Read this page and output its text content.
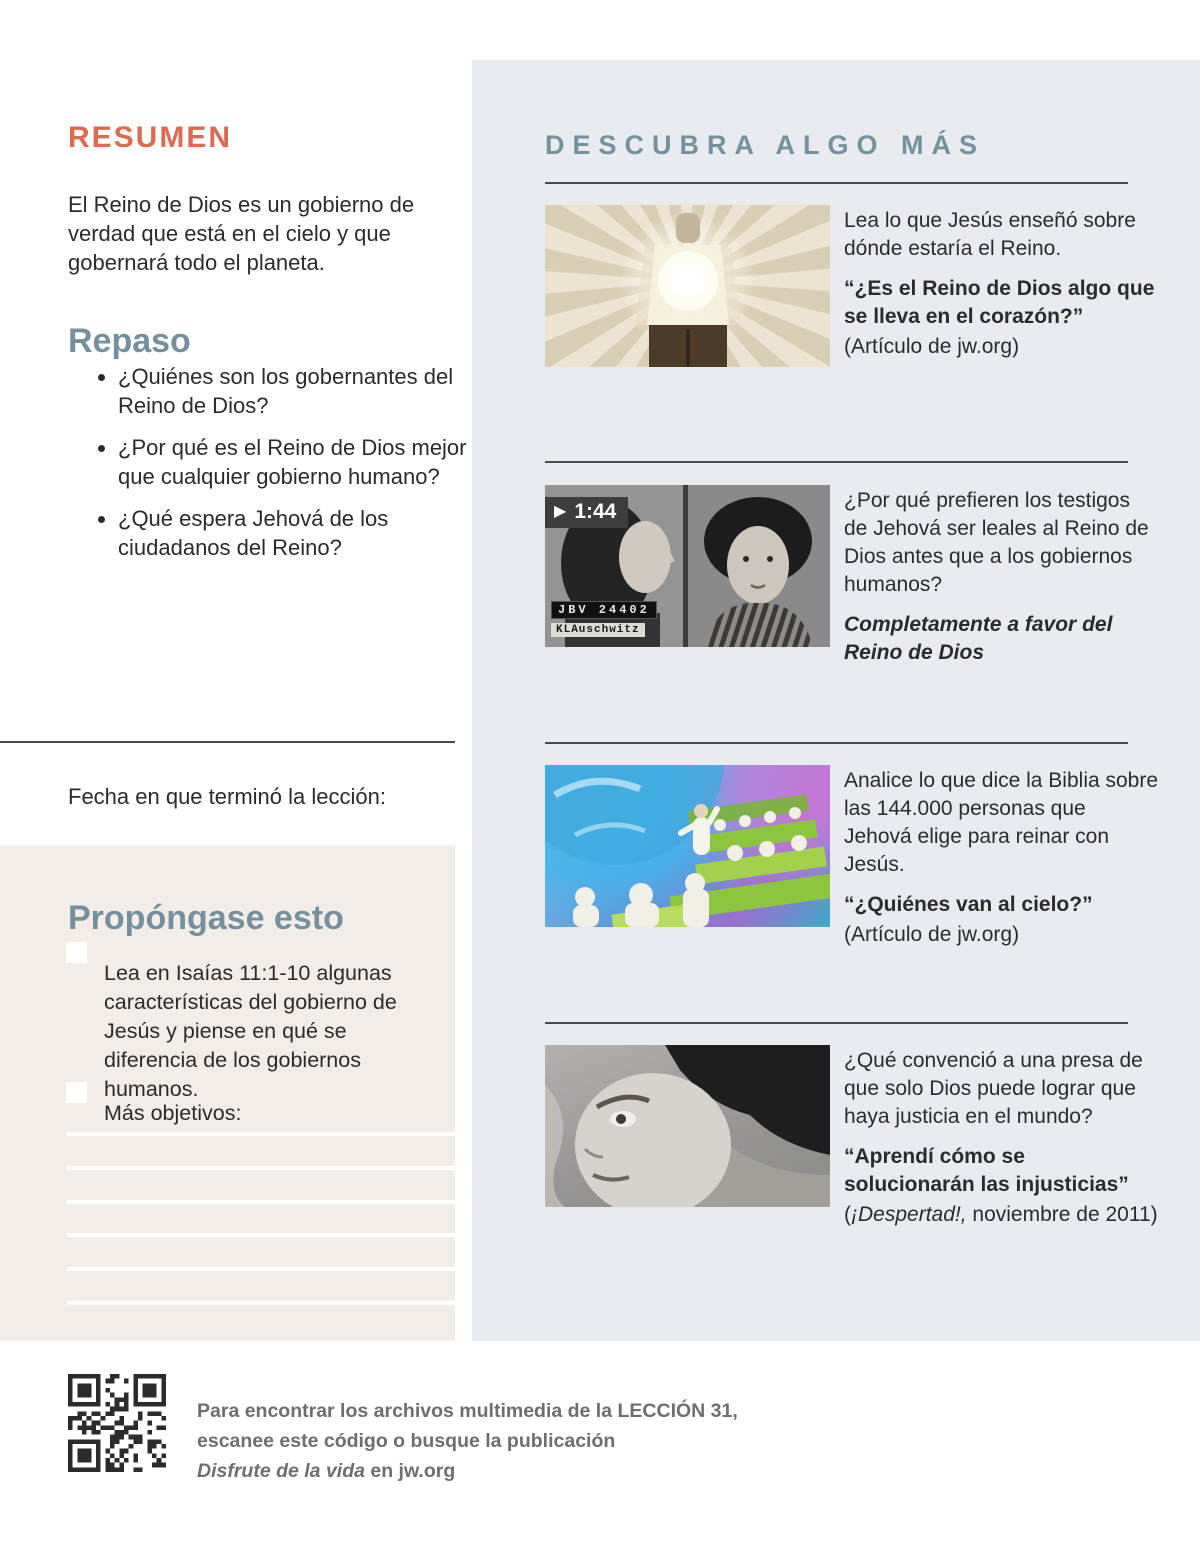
RESUMEN

El Reino de Dios es un gobierno de verdad que está en el cielo y que gobernará todo el planeta.

Repaso
• ¿Quiénes son los gobernantes del Reino de Dios?
• ¿Por qué es el Reino de Dios mejor que cualquier gobierno humano?
• ¿Qué espera Jehová de los ciudadanos del Reino?

Fecha en que terminó la lección:

Propóngase esto

Lea en Isaías 11:1-10 algunas características del gobierno de Jesús y piense en qué se diferencia de los gobiernos humanos.

Más objetivos:

DESCUBRA ALGO MÁS

Lea lo que Jesús enseñó sobre dónde estaría el Reino.

“¿Es el Reino de Dios algo que se lleva en el corazón?”

(Artículo de jw.org)

▶ 1:44
JBV 24402
KLAuschwitz

¿Por qué prefieren los testigos de Jehová ser leales al Reino de Dios antes que a los gobiernos humanos?

Completamente a favor del Reino de Dios

Analice lo que dice la Biblia sobre las 144.000 personas que Jehová elige para reinar con Jesús.

“¿Quiénes van al cielo?”

(Artículo de jw.org)

¿Qué convenció a una presa de que solo Dios puede lograr que haya justicia en el mundo?

“Aprendí cómo se solucionarán las injusticias”

(¡Despertad!, noviembre de 2011)

Para encontrar los archivos multimedia de la LECCIÓN 31,
escanee este código o busque la publicación
Disfrute de la vida en jw.org
